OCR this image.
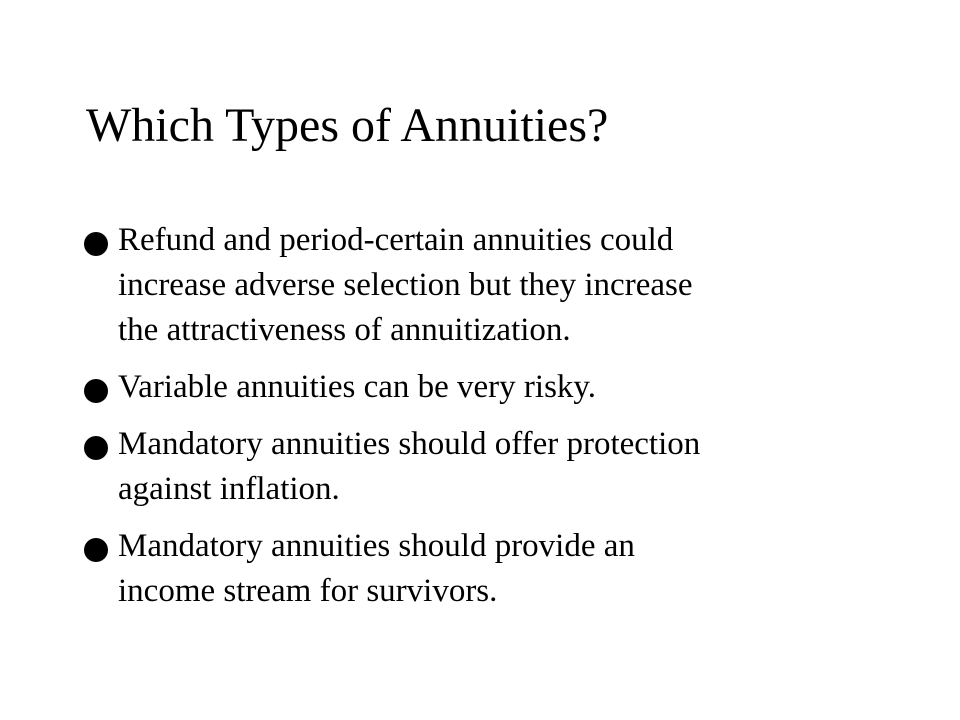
Which Types of Annuities?
Refund and period-certain annuities could
increase adverse selection but they increase
the attractiveness of annuitization.
Variable annuities can be very risky.
Mandatory annuities should offer protection
against inflation.
Mandatory annuities should provide an
income stream for survivors.
